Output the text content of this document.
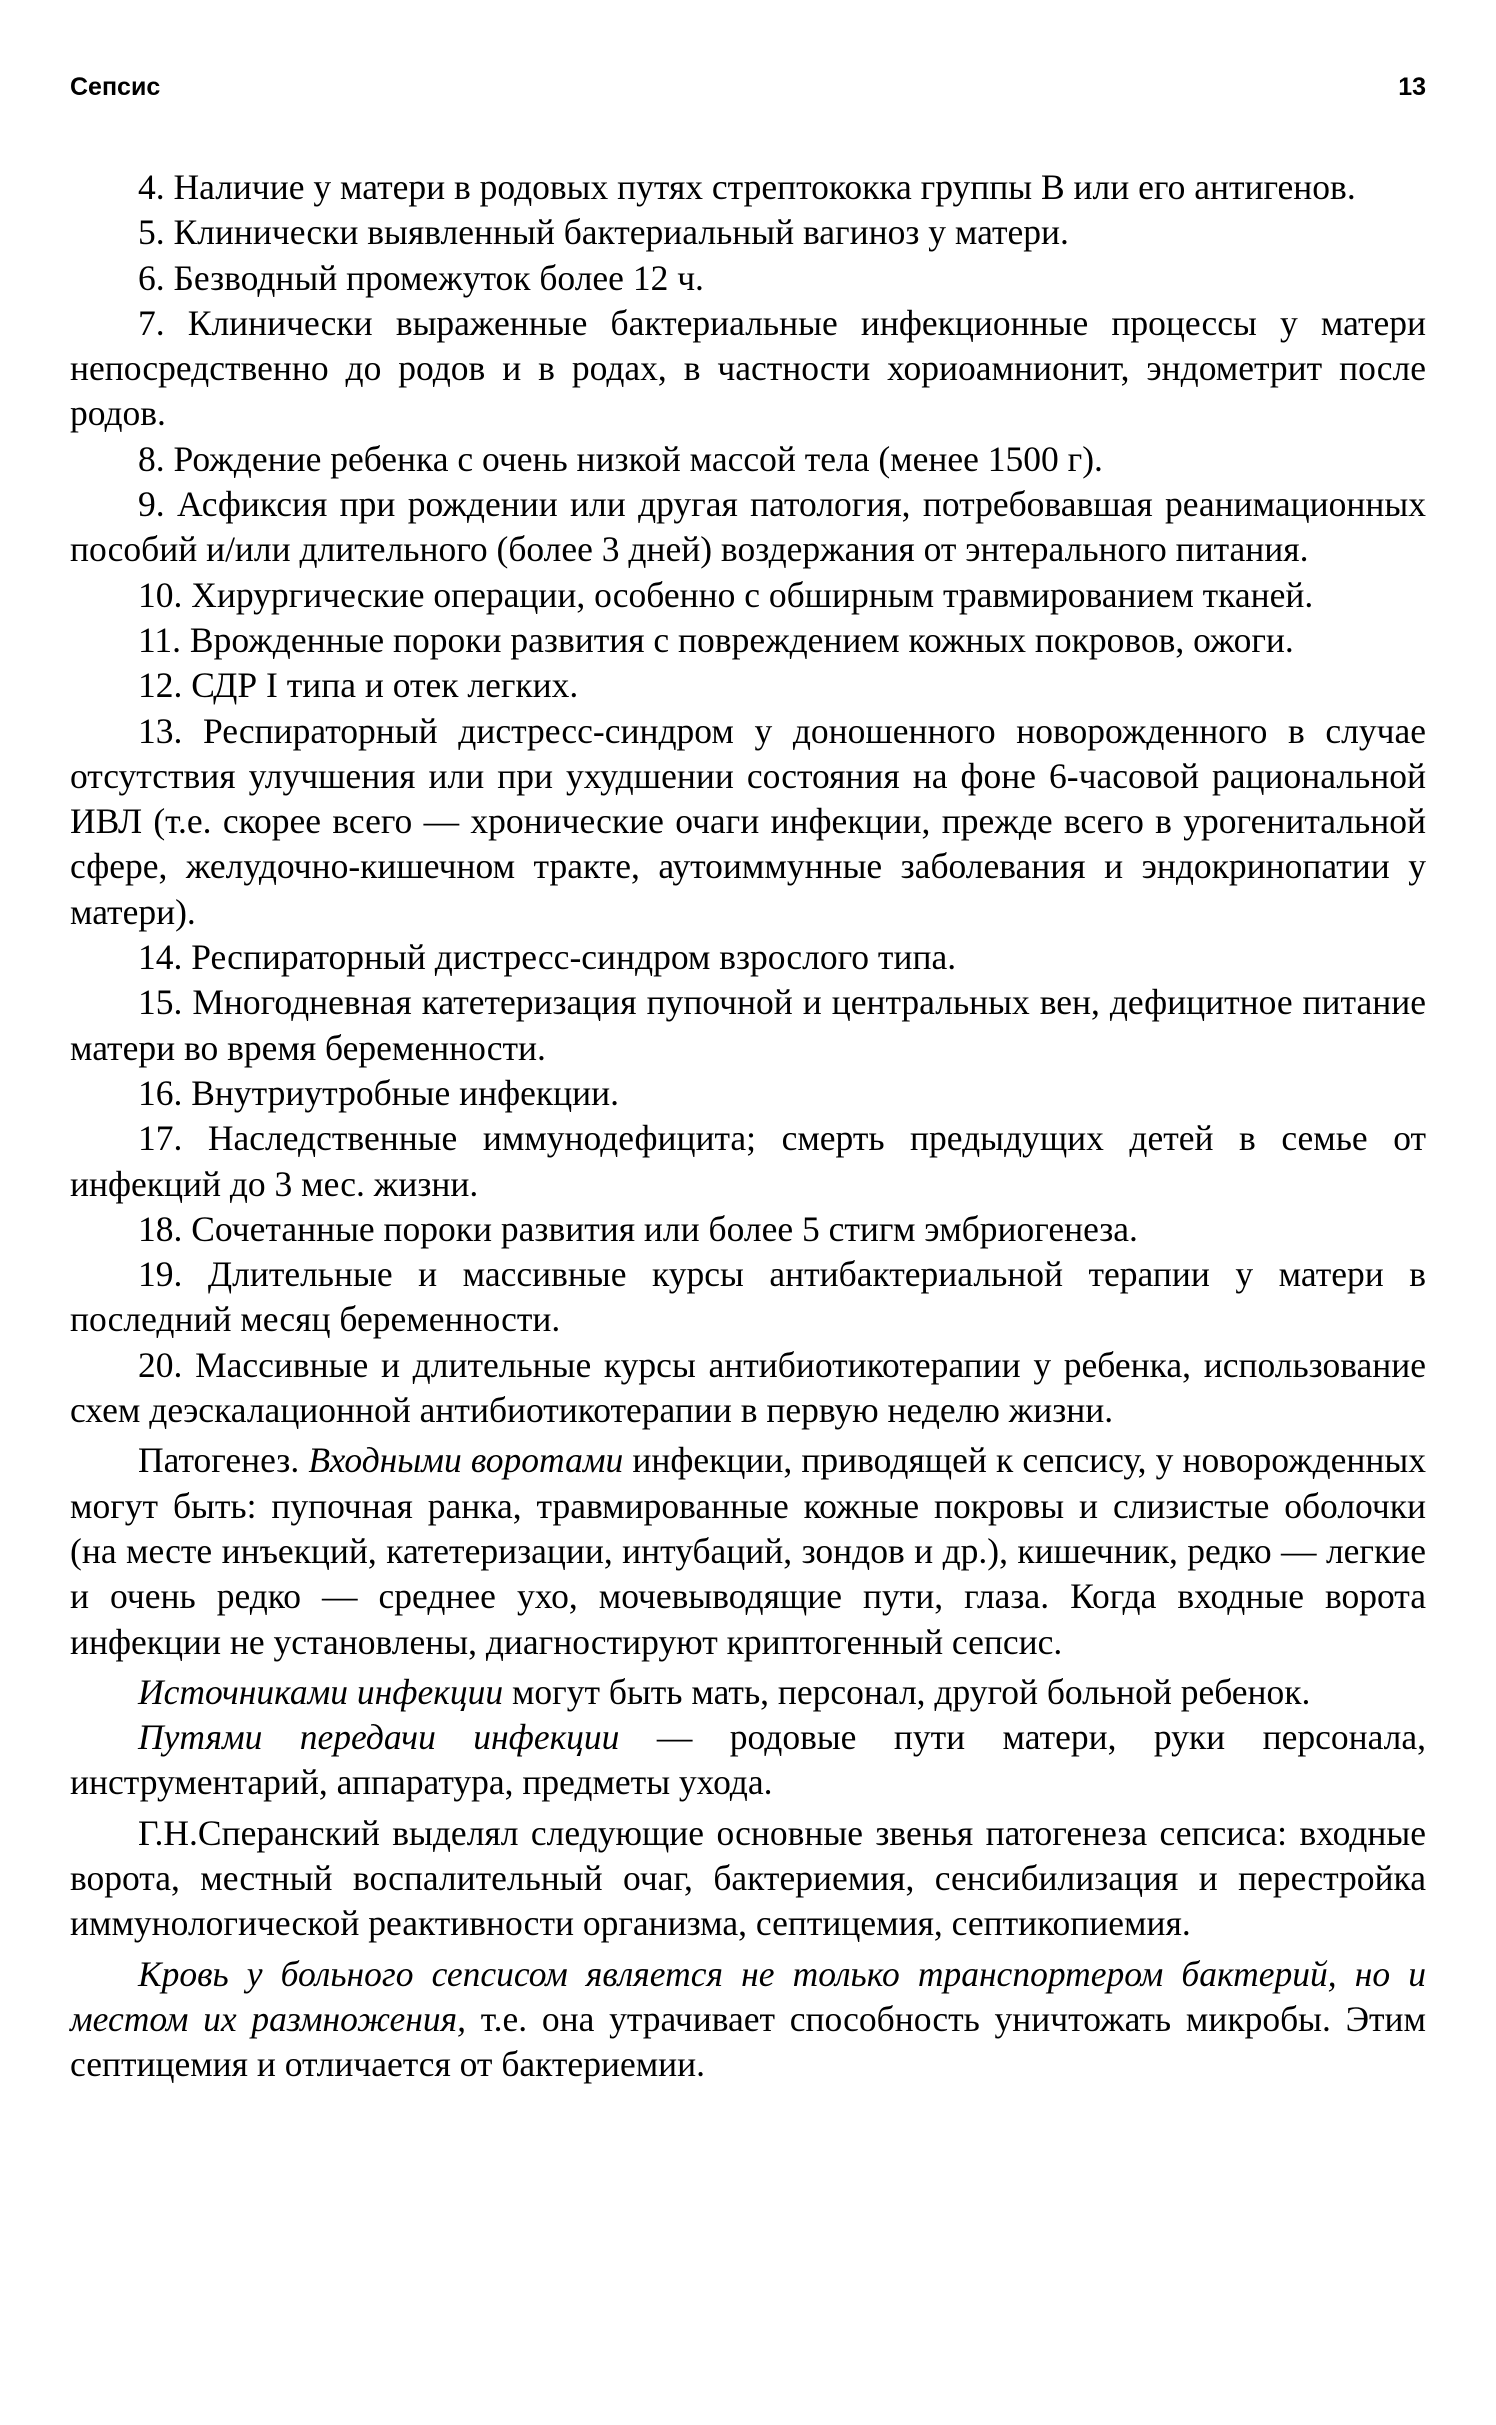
Сепсис	13

4. Наличие у матери в родовых путях стрептококка группы В или его антигенов.

5. Клинически выявленный бактериальный вагиноз у матери.

6. Безводный промежуток более 12 ч.

7. Клинически выраженные бактериальные инфекционные процессы у матери непосредственно до родов и в родах, в частности хориоамнионит, эндометрит после родов.

8. Рождение ребенка с очень низкой массой тела (менее 1500 г).

9. Асфиксия при рождении или другая патология, потребовавшая реанимационных пособий и/или длительного (более 3 дней) воздержания от энтерального питания.

10. Хирургические операции, особенно с обширным травмированием тканей.

11. Врожденные пороки развития с повреждением кожных покровов, ожоги.

12. СДР I типа и отек легких.

13. Респираторный дистресс-синдром у доношенного новорожденного в случае отсутствия улучшения или при ухудшении состояния на фоне 6-часовой рациональной ИВЛ (т.е. скорее всего — хронические очаги инфекции, прежде всего в урогенитальной сфере, желудочно-кишечном тракте, аутоиммунные заболевания и эндокринопатии у матери).

14. Респираторный дистресс-синдром взрослого типа.

15. Многодневная катетеризация пупочной и центральных вен, дефицитное питание матери во время беременности.

16. Внутриутробные инфекции.

17. Наследственные иммунодефицита; смерть предыдущих детей в семье от инфекций до 3 мес. жизни.

18. Сочетанные пороки развития или более 5 стигм эмбриогенеза.

19. Длительные и массивные курсы антибактериальной терапии у матери в последний месяц беременности.

20. Массивные и длительные курсы антибиотикотерапии у ребенка, использование схем деэскалационной антибиотикотерапии в первую неделю жизни.

Патогенез. Входными воротами инфекции, приводящей к сепсису, у новорожденных могут быть: пупочная ранка, травмированные кожные покровы и слизистые оболочки (на месте инъекций, катетеризации, интубаций, зондов и др.), кишечник, редко — легкие и очень редко — среднее ухо, мочевыводящие пути, глаза. Когда входные ворота инфекции не установлены, диагностируют криптогенный сепсис.

Источниками инфекции могут быть мать, персонал, другой больной ребенок.

Путями передачи инфекции — родовые пути матери, руки персонала, инструментарий, аппаратура, предметы ухода.

Г.Н.Сперанский выделял следующие основные звенья патогенеза сепсиса: входные ворота, местный воспалительный очаг, бактериемия, сенсибилизация и перестройка иммунологической реактивности организма, септицемия, септикопиемия.

Кровь у больного сепсисом является не только транспортером бактерий, но и местом их размножения, т.е. она утрачивает способность уничтожать микробы. Этим септицемия и отличается от бактериемии.
